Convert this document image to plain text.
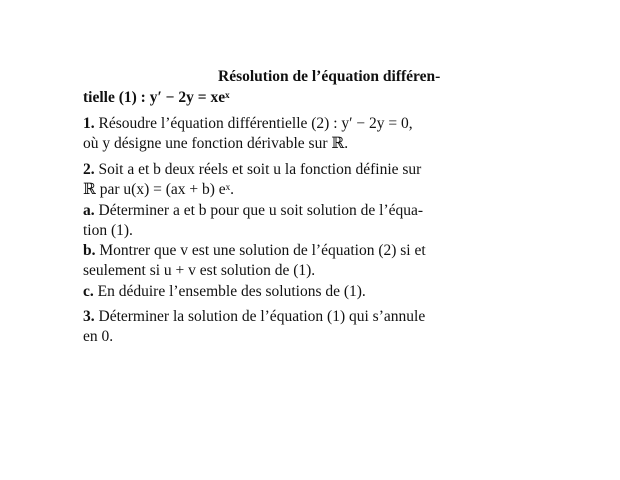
Résolution de l’équation différen-
tielle (1) : y′ − 2y = xeˣ
1. Résoudre l’équation différentielle (2) : y′ − 2y = 0,
où y désigne une fonction dérivable sur ℝ.
2. Soit a et b deux réels et soit u la fonction définie sur
ℝ par u(x) = (ax + b) eˣ.
a. Déterminer a et b pour que u soit solution de l’équa-
tion (1).
b. Montrer que v est une solution de l’équation (2) si et
seulement si u + v est solution de (1).
c. En déduire l’ensemble des solutions de (1).
3. Déterminer la solution de l’équation (1) qui s’annule
en 0.
